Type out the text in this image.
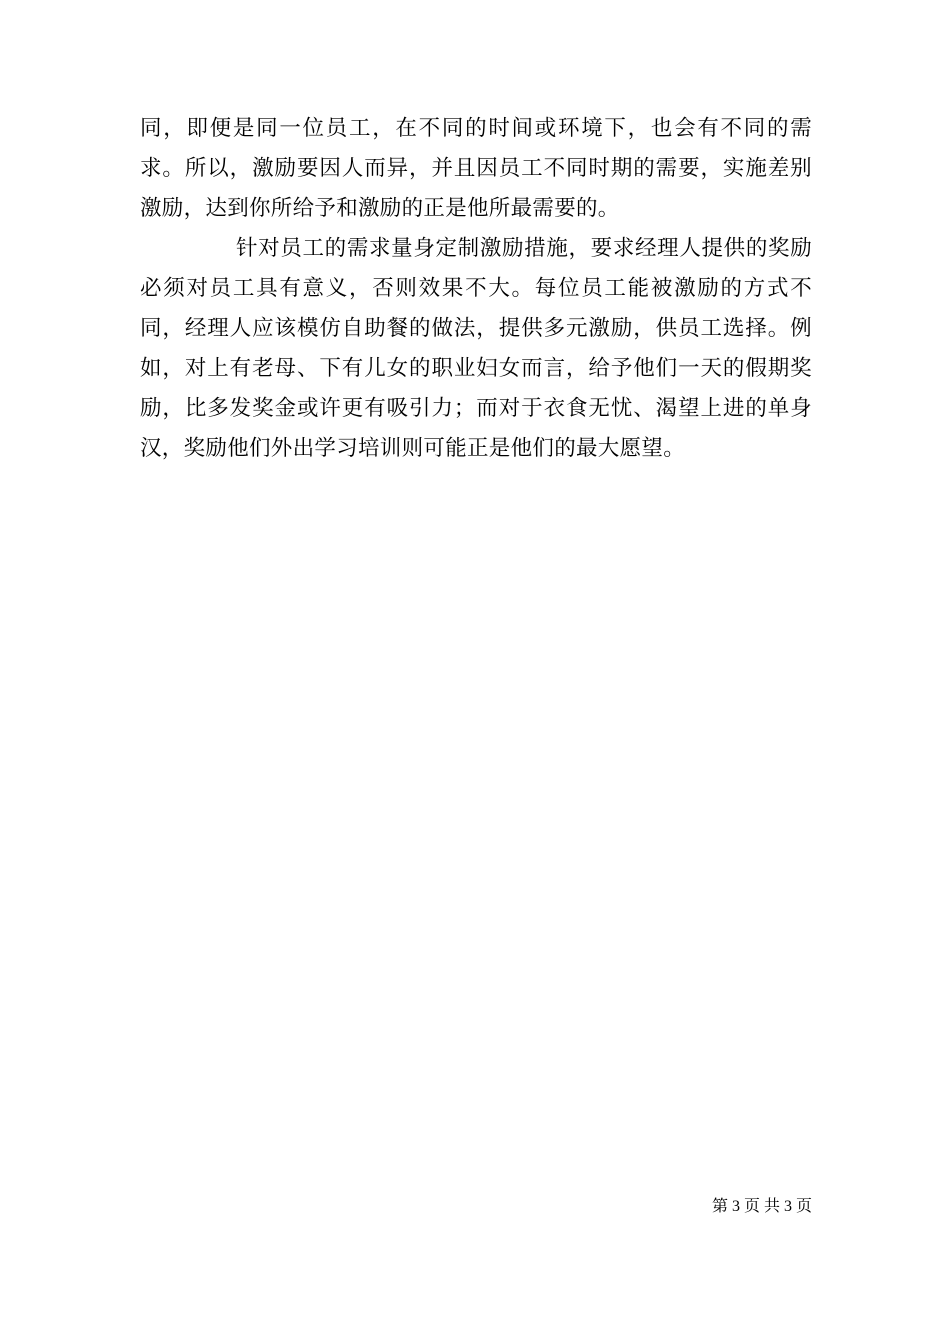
同，即便是同一位员工，在不同的时间或环境下，也会有不同的需求。所以，激励要因人而异，并且因员工不同时期的需要，实施差别激励，达到你所给予和激励的正是他所最需要的。

针对员工的需求量身定制激励措施，要求经理人提供的奖励必须对员工具有意义，否则效果不大。每位员工能被激励的方式不同，经理人应该模仿自助餐的做法，提供多元激励，供员工选择。例如，对上有老母、下有儿女的职业妇女而言，给予他们一天的假期奖励，比多发奖金或许更有吸引力；而对于衣食无忧、渴望上进的单身汉，奖励他们外出学习培训则可能正是他们的最大愿望。

第 3 页 共 3 页
